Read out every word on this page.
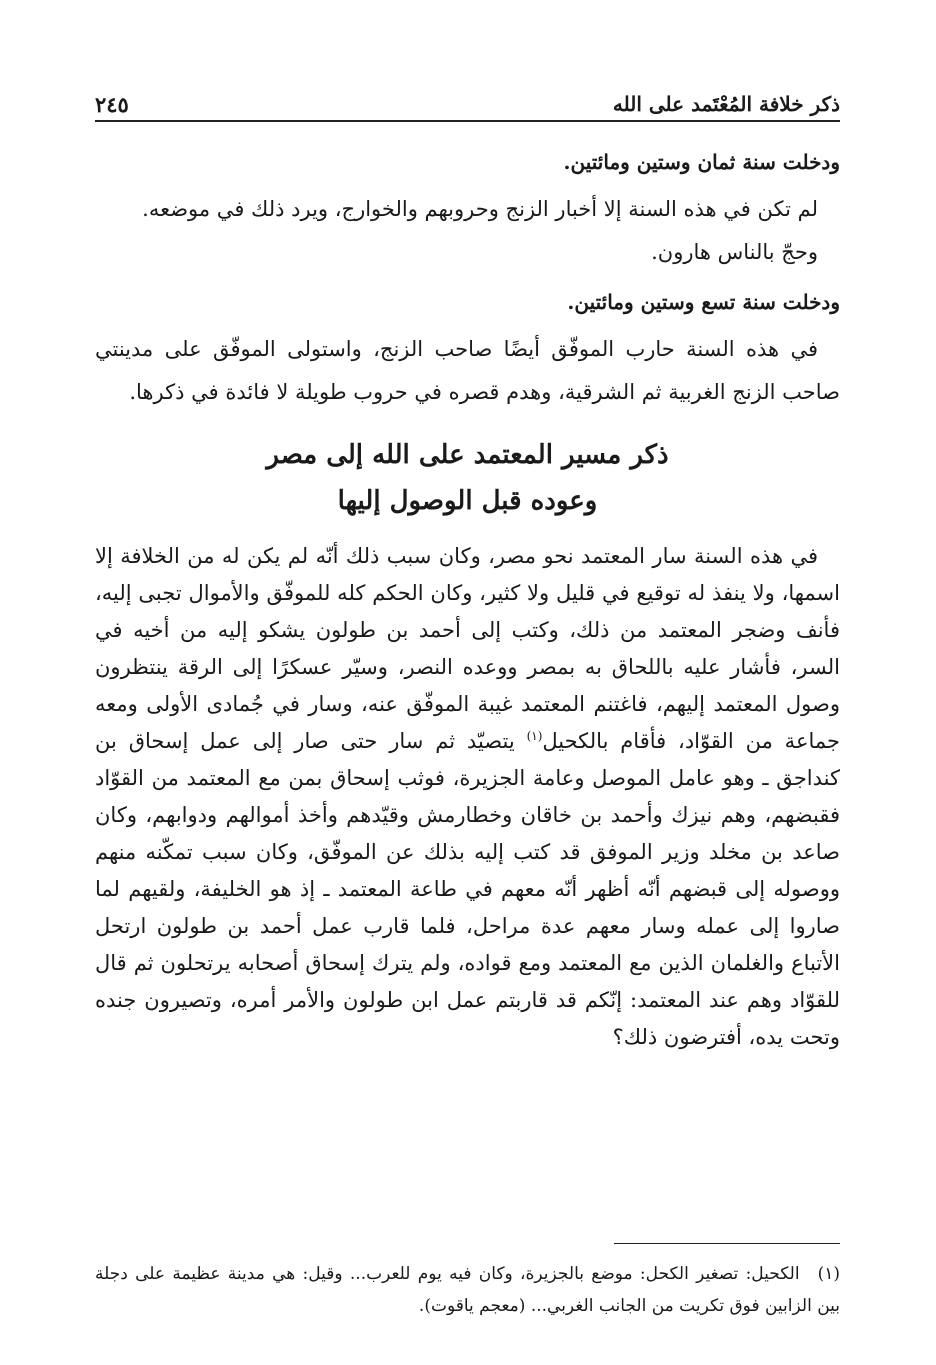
ذكر خلافة المُعْتَمد على الله
٢٤٥

ودخلت سنة ثمان وستين ومائتين.

لم تكن في هذه السنة إلا أخبار الزنج وحروبهم والخوارج، ويرد ذلك في موضعه.

وحجّ بالناس هارون.

ودخلت سنة تسع وستين ومائتين.

في هذه السنة حارب الموفّق أيضًا صاحب الزنج، واستولى الموفّق على مدينتي صاحب الزنج الغربية ثم الشرقية، وهدم قصره في حروب طويلة لا فائدة في ذكرها.

ذكر مسير المعتمد على الله إلى مصر
وعوده قبل الوصول إليها

في هذه السنة سار المعتمد نحو مصر، وكان سبب ذلك أنّه لم يكن له من الخلافة إلا اسمها، ولا ينفذ له توقيع في قليل ولا كثير، وكان الحكم كله للموفّق والأموال تجبى إليه، فأنف وضجر المعتمد من ذلك، وكتب إلى أحمد بن طولون يشكو إليه من أخيه في السر، فأشار عليه باللحاق به بمصر ووعده النصر، وسيّر عسكرًا إلى الرقة ينتظرون وصول المعتمد إليهم، فاغتنم المعتمد غيبة الموفّق عنه، وسار في جُمادى الأولى ومعه جماعة من القوّاد، فأقام بالكحيل$^{(١)}$ يتصيّد ثم سار حتى صار إلى عمل إسحاق بن كنداجق ـ وهو عامل الموصل وعامة الجزيرة، فوثب إسحاق بمن مع المعتمد من القوّاد فقبضهم، وهم نيزك وأحمد بن خاقان وخطارمش وقيّدهم وأخذ أموالهم ودوابهم، وكان صاعد بن مخلد وزير الموفق قد كتب إليه بذلك عن الموفّق، وكان سبب تمكّنه منهم ووصوله إلى قبضهم أنّه أظهر أنّه معهم في طاعة المعتمد ـ إذ هو الخليفة، ولقيهم لما صاروا إلى عمله وسار معهم عدة مراحل، فلما قارب عمل أحمد بن طولون ارتحل الأتباع والغلمان الذين مع المعتمد ومع قواده، ولم يترك إسحاق أصحابه يرتحلون ثم قال للقوّاد وهم عند المعتمد: إنّكم قد قاربتم عمل ابن طولون والأمر أمره، وتصيرون جنده وتحت يده، أفترضون ذلك؟

(١)الكحيل: تصغير الكحل: موضع بالجزيرة، وكان فيه يوم للعرب... وقيل: هي مدينة عظيمة على دجلة بين الزابين فوق تكريت من الجانب الغربي... (معجم ياقوت).
